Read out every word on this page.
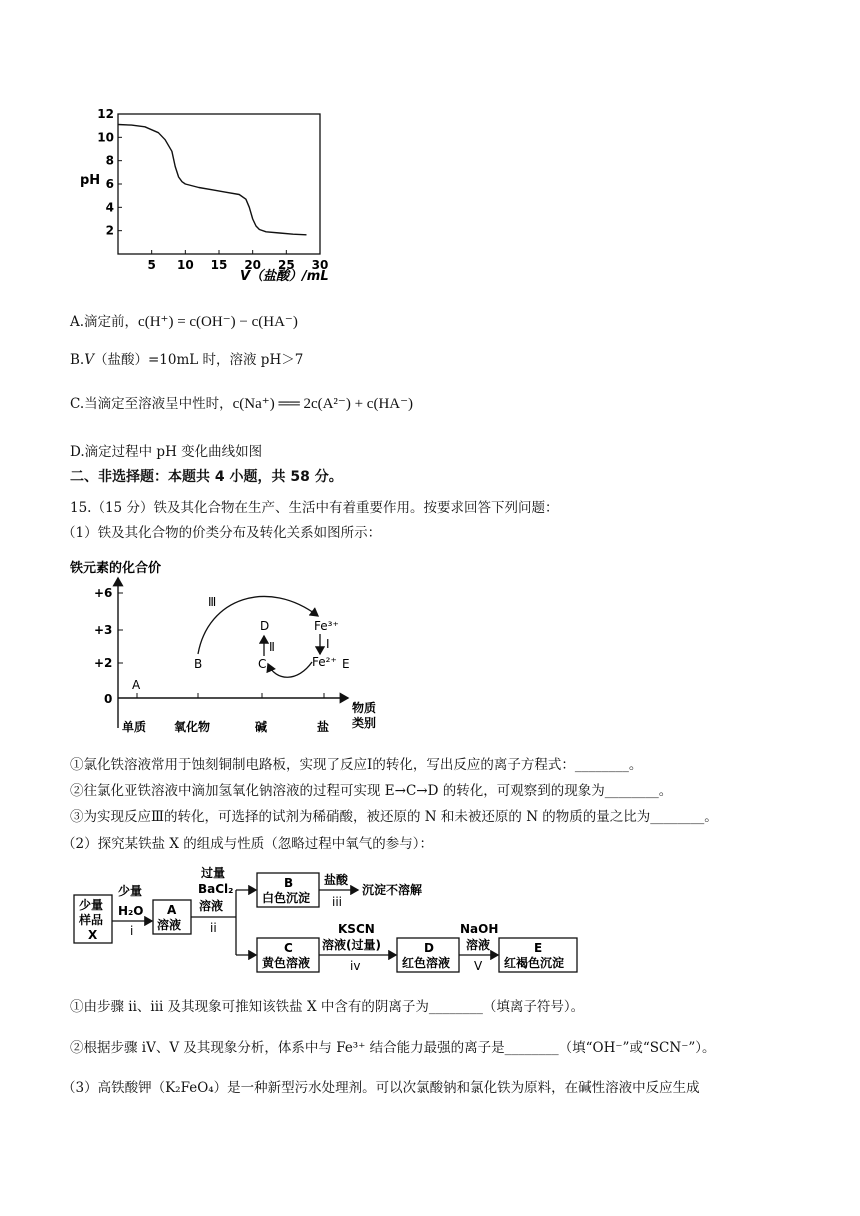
5 10 15 20 25 30
2
4
6
8
10
12
pH
V（盐酸）/mL
A.滴定前，c(H⁺) = c(OH⁻) − c(HA⁻)
B.V（盐酸）=10mL 时，溶液 pH＞7
C.当滴定至溶液呈中性时，c(Na⁺) ══ 2c(A²⁻) + c(HA⁻)
D.滴定过程中 pH 变化曲线如图
二、非选择题：本题共 4 小题，共 58 分。
15.（15 分）铁及其化合物在生产、生活中有着重要作用。按要求回答下列问题：
（1）铁及其化合物的价类分布及转化关系如图所示：
铁元素的化合价
+6
+3
+2
0
单质 氧化物	碱	盐
物质
类别
A
B	C
D	Fe³⁺
Fe²⁺ E
Ⅲ
Ⅱ	Ⅰ
①氯化铁溶液常用于蚀刻铜制电路板，实现了反应Ⅰ的转化，写出反应的离子方程式：________。
②往氯化亚铁溶液中滴加氢氧化钠溶液的过程可实现 E→C→D 的转化，可观察到的现象为________。
③为实现反应Ⅲ的转化，可选择的试剂为稀硝酸，被还原的 N 和未被还原的 N 的物质的量之比为________。
（2）探究某铁盐 X 的组成与性质（忽略过程中氧气的参与）：
少量
样品
X
少量
H₂O
i
A
溶液
过量
BaCl₂
溶液
ii
B
白色沉淀
盐酸
iii
沉淀不溶解
C
黄色溶液
KSCN
溶液(过量)
iv
D
红色溶液
NaOH
溶液
V
E
红褐色沉淀
①由步骤 ii、iii 及其现象可推知该铁盐 X 中含有的阴离子为________（填离子符号）。
②根据步骤 iV、V 及其现象分析，体系中与 Fe³⁺ 结合能力最强的离子是________（填“OH⁻”或“SCN⁻”）。
（3）高铁酸钾（K₂FeO₄）是一种新型污水处理剂。可以次氯酸钠和氯化铁为原料，在碱性溶液中反应生成
